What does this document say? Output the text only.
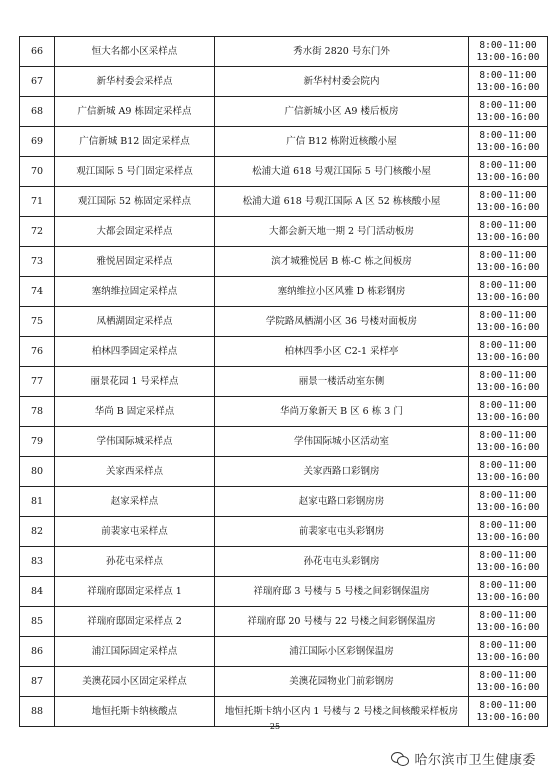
66	恒大名都小区采样点	秀水街 2820 号东门外	8:00-11:00
13:00-16:00

67	新华村委会采样点	新华村村委会院内	8:00-11:00
13:00-16:00

68	广信新城 A9 栋固定采样点	广信新城小区 A9 楼后板房	8:00-11:00
13:00-16:00

69	广信新城 B12 固定采样点	广信 B12 栋附近核酸小屋	8:00-11:00
13:00-16:00

70	观江国际 5 号门固定采样点	松浦大道 618 号观江国际 5 号门核酸小屋	8:00-11:00
13:00-16:00

71	观江国际 52 栋固定采样点	松浦大道 618 号观江国际 A 区 52 栋核酸小屋	8:00-11:00
13:00-16:00

72	大都会固定采样点	大都会新天地一期 2 号门活动板房	8:00-11:00
13:00-16:00

73	雅悦居固定采样点	滨才城雅悦居 B 栋-C 栋之间板房	8:00-11:00
13:00-16:00

74	塞纳维拉固定采样点	塞纳维拉小区风雅 D 栋彩钢房	8:00-11:00
13:00-16:00

75	凤栖湖固定采样点	学院路凤栖湖小区 36 号楼对面板房	8:00-11:00
13:00-16:00

76	柏林四季固定采样点	柏林四季小区 C2-1 采样亭	8:00-11:00
13:00-16:00

77	丽景花园 1 号采样点	丽景一楼活动室东侧	8:00-11:00
13:00-16:00

78	华尚 B 固定采样点	华尚万象新天 B 区 6 栋 3 门	8:00-11:00
13:00-16:00

79	学伟国际城采样点	学伟国际城小区活动室	8:00-11:00
13:00-16:00

80	关家西采样点	关家西路口彩钢房	8:00-11:00
13:00-16:00

81	赵家采样点	赵家屯路口彩钢房房	8:00-11:00
13:00-16:00

82	前裴家屯采样点	前裴家屯屯头彩钢房	8:00-11:00
13:00-16:00

83	孙花屯采样点	孙花屯屯头彩钢房	8:00-11:00
13:00-16:00

84	祥瑞府邸固定采样点 1	祥瑞府邸 3 号楼与 5 号楼之间彩钢保温房	8:00-11:00
13:00-16:00

85	祥瑞府邸固定采样点 2	祥瑞府邸 20 号楼与 22 号楼之间彩钢保温房	8:00-11:00
13:00-16:00

86	浦江国际固定采样点	浦江国际小区彩钢保温房	8:00-11:00
13:00-16:00

87	美澳花园小区固定采样点	美澳花园物业门前彩钢房	8:00-11:00
13:00-16:00

88	地恒托斯卡纳核酸点	地恒托斯卡纳小区内 1 号楼与 2 号楼之间核酸采样板房	8:00-11:00
13:00-16:00
25
哈尔滨市卫生健康委
